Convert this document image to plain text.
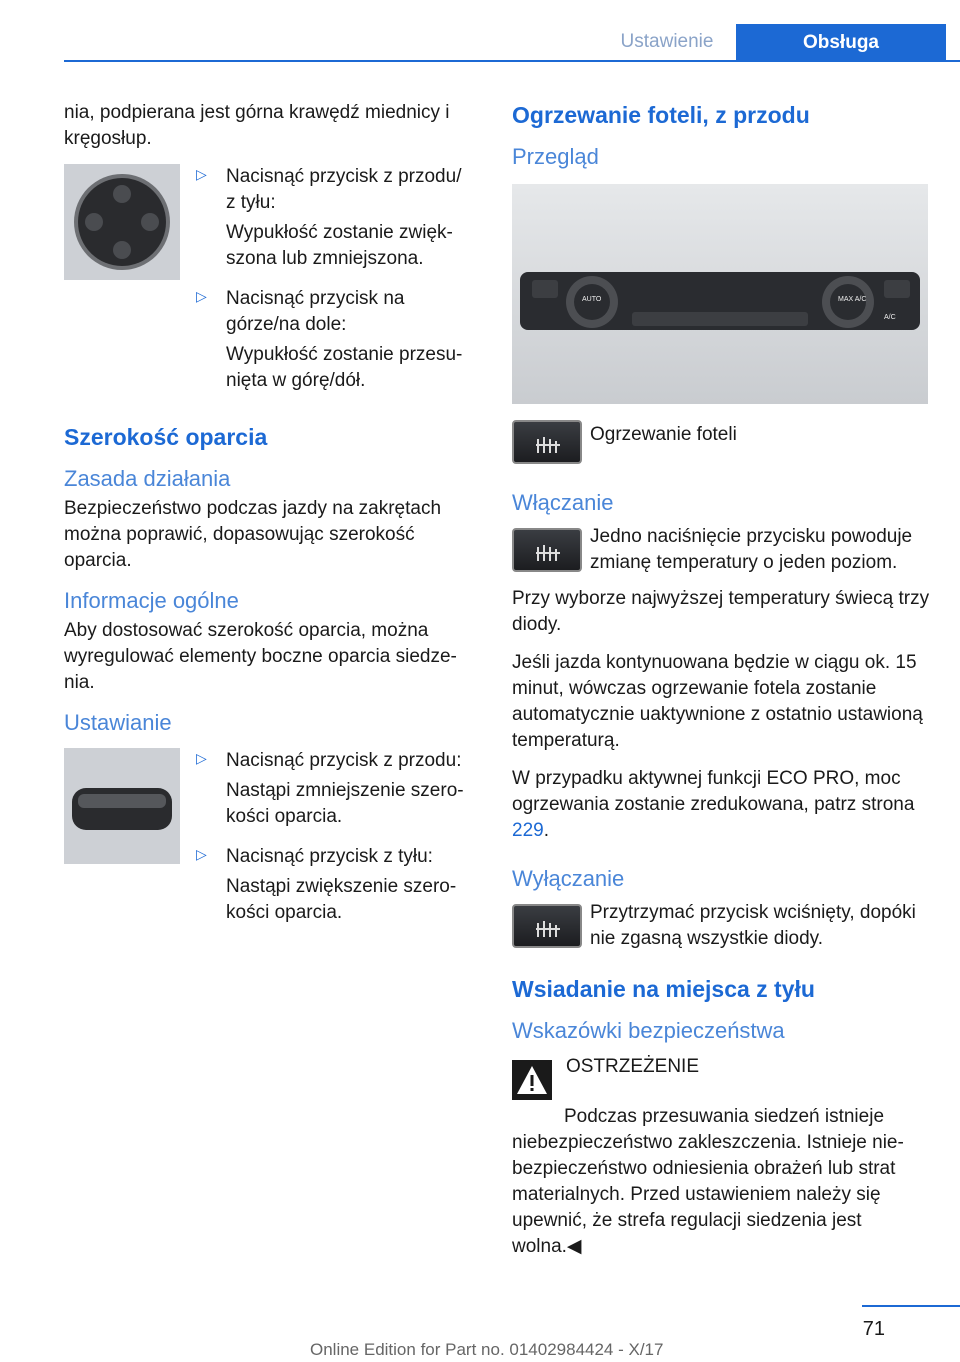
Ustawienie	Obsługa

nia, podpierana jest górna krawędź miednicy i kręgosłup.

▷ Nacisnąć przycisk z przodu/ z tyłu:

Wypukłość zostanie zwiększona lub zmniejszona.

▷ Nacisnąć przycisk na górze/na dole:

Wypukłość zostanie przesunięta w górę/dół.

Szerokość oparcia
Zasada działania

Bezpieczeństwo podczas jazdy na zakrętach można poprawić, dopasowując szerokość oparcia.

Informacje ogólne

Aby dostosować szerokość oparcia, można wyregulować elementy boczne oparcia siedzenia.

Ustawianie
▷ Nacisnąć przycisk z przodu:

Nastąpi zmniejszenie szerokości oparcia.

▷ Nacisnąć przycisk z tyłu:

Nastąpi zwiększenie szerokości oparcia.

Ogrzewanie foteli, z przodu
Przegląd
AUTO	MAX A/C
A/C

Ogrzewanie foteli

Włączanie

Jedno naciśnięcie przycisku powoduje zmianę temperatury o jeden poziom.

Przy wyborze najwyższej temperatury świecą trzy diody.

Jeśli jazda kontynuowana będzie w ciągu ok. 15 minut, wówczas ogrzewanie fotela zostanie automatycznie uaktywnione z ostatnio ustawioną temperaturą.

W przypadku aktywnej funkcji ECO PRO, moc ogrzewania zostanie zredukowana, patrz strona 229.

Wyłączanie

Przytrzymać przycisk wciśnięty, dopóki nie zgasną wszystkie diody.

Wsiadanie na miejsca z tyłu
Wskazówki bezpieczeństwa

OSTRZEŻENIE

Podczas przesuwania siedzeń istnieje niebezpieczeństwo zakleszczenia. Istnieje niebezpieczeństwo odniesienia obrażeń lub strat materialnych. Przed ustawieniem należy się upewnić, że strefa regulacji siedzenia jest wolna.◀

71
Online Edition for Part no. 01402984424 - X/17
